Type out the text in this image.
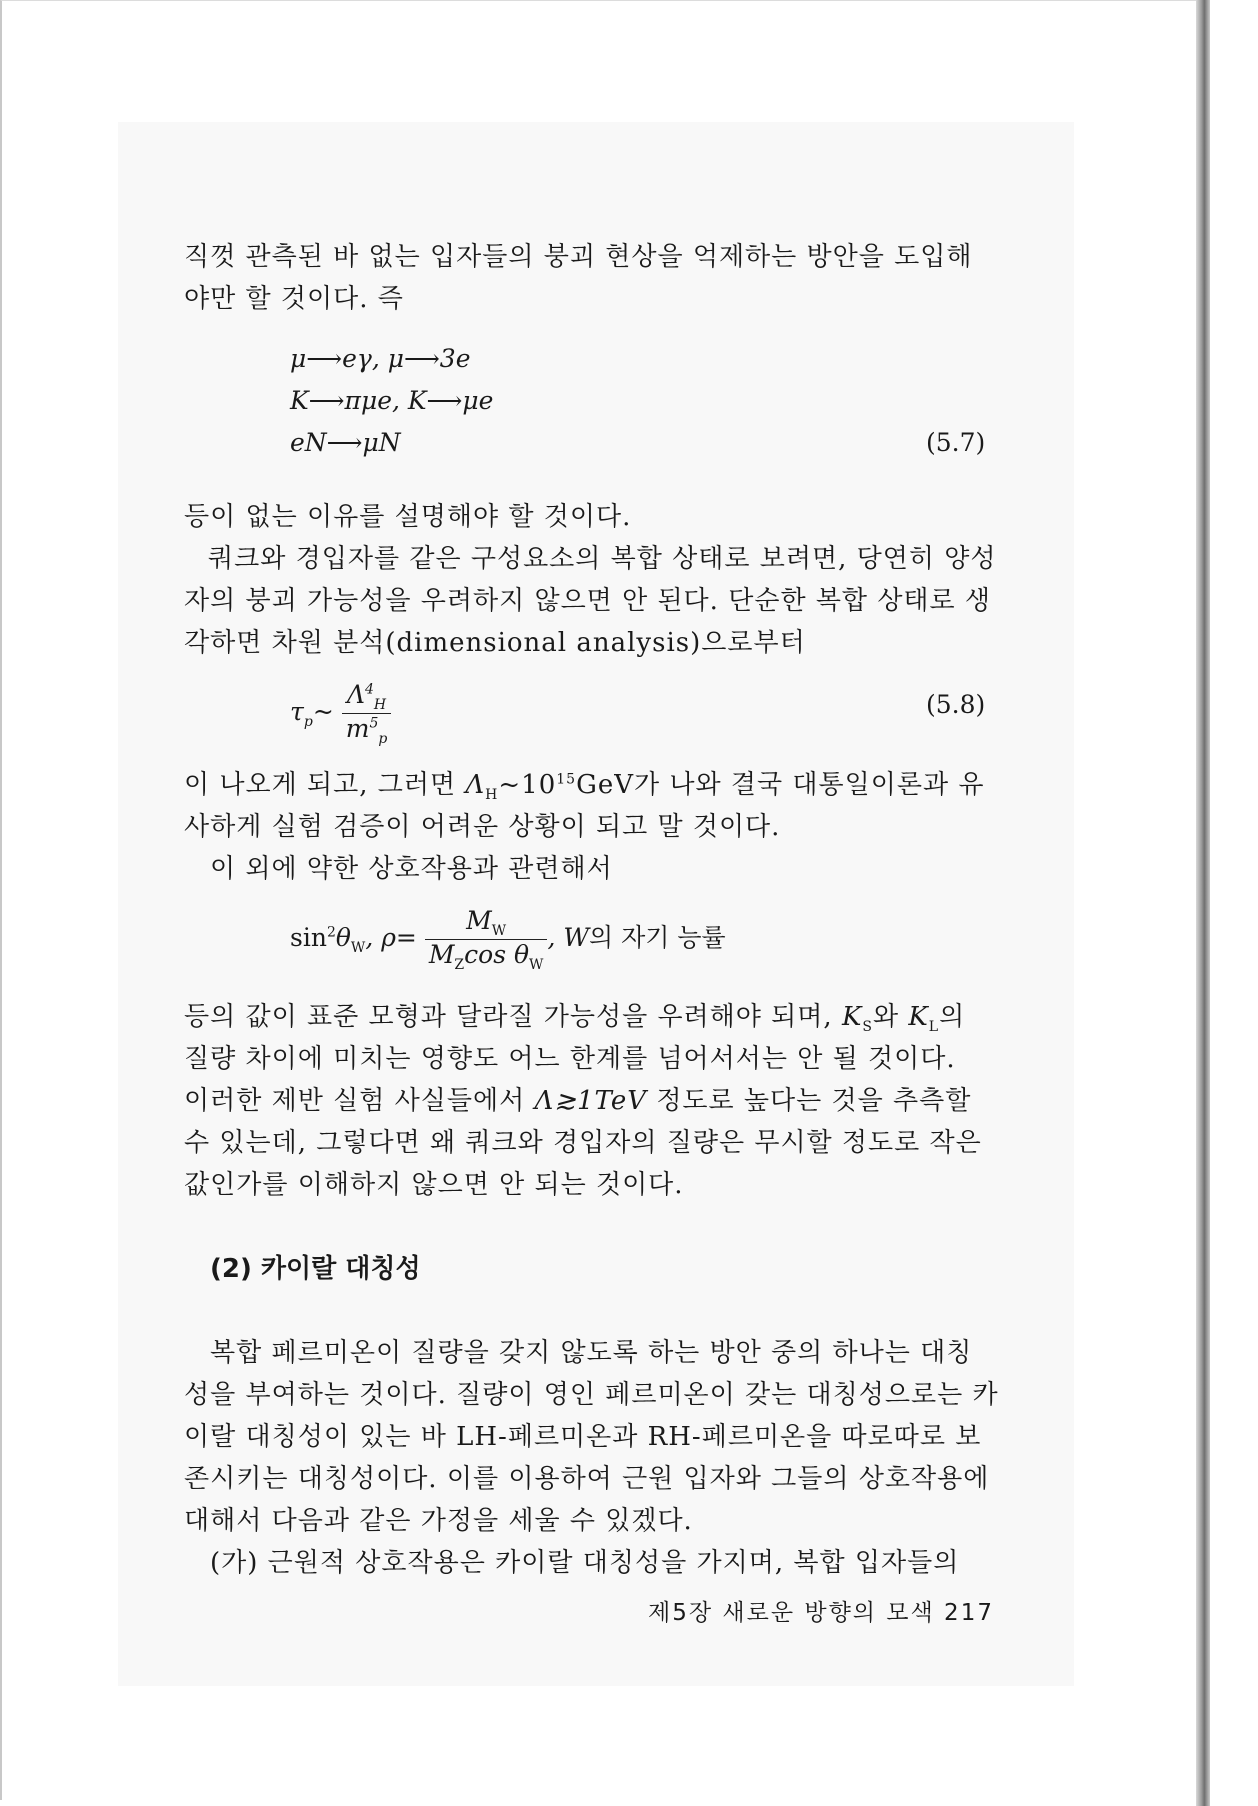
직껏 관측된 바 없는 입자들의 붕괴 현상을 억제하는 방안을 도입해
야만 할 것이다. 즉
μ⟶eγ, μ⟶3e
K⟶πμe, K⟶μe
eN⟶μN	(5.7)
등이 없는 이유를 설명해야 할 것이다.
쿼크와 경입자를 같은 구성요소의 복합 상태로 보려면, 당연히 양성
자의 붕괴 가능성을 우려하지 않으면 안 된다. 단순한 복합 상태로 생
각하면 차원 분석(dimensional analysis)으로부터
$\tau_p\sim \frac{\Lambda^4_H}{m^5_p}$	(5.8)
이 나오게 되고, 그러면 $\Lambda_H\sim 10^{15}GeV$가 나와 결국 대통일이론과 유
사하게 실험 검증이 어려운 상황이 되고 말 것이다.
이 외에 약한 상호작용과 관련해서
$\sin^2\theta_W$, $\rho= \frac{M_W}{M_Z\cos \theta_W}$ , W의 자기 능률
등의 값이 표준 모형과 달라질 가능성을 우려해야 되며, $K_S$와 $K_L$의
질량 차이에 미치는 영향도 어느 한계를 넘어서서는 안 될 것이다.
이러한 제반 실험 사실들에서 Λ≳1TeV 정도로 높다는 것을 추측할
수 있는데, 그렇다면 왜 쿼크와 경입자의 질량은 무시할 정도로 작은
값인가를 이해하지 않으면 안 되는 것이다.
(2) 카이랄 대칭성
복합 페르미온이 질량을 갖지 않도록 하는 방안 중의 하나는 대칭
성을 부여하는 것이다. 질량이 영인 페르미온이 갖는 대칭성으로는 카
이랄 대칭성이 있는 바 LH-페르미온과 RH-페르미온을 따로따로 보
존시키는 대칭성이다. 이를 이용하여 근원 입자와 그들의 상호작용에
대해서 다음과 같은 가정을 세울 수 있겠다.
(가) 근원적 상호작용은 카이랄 대칭성을 가지며, 복합 입자들의
제5장 새로운 방향의 모색 217
